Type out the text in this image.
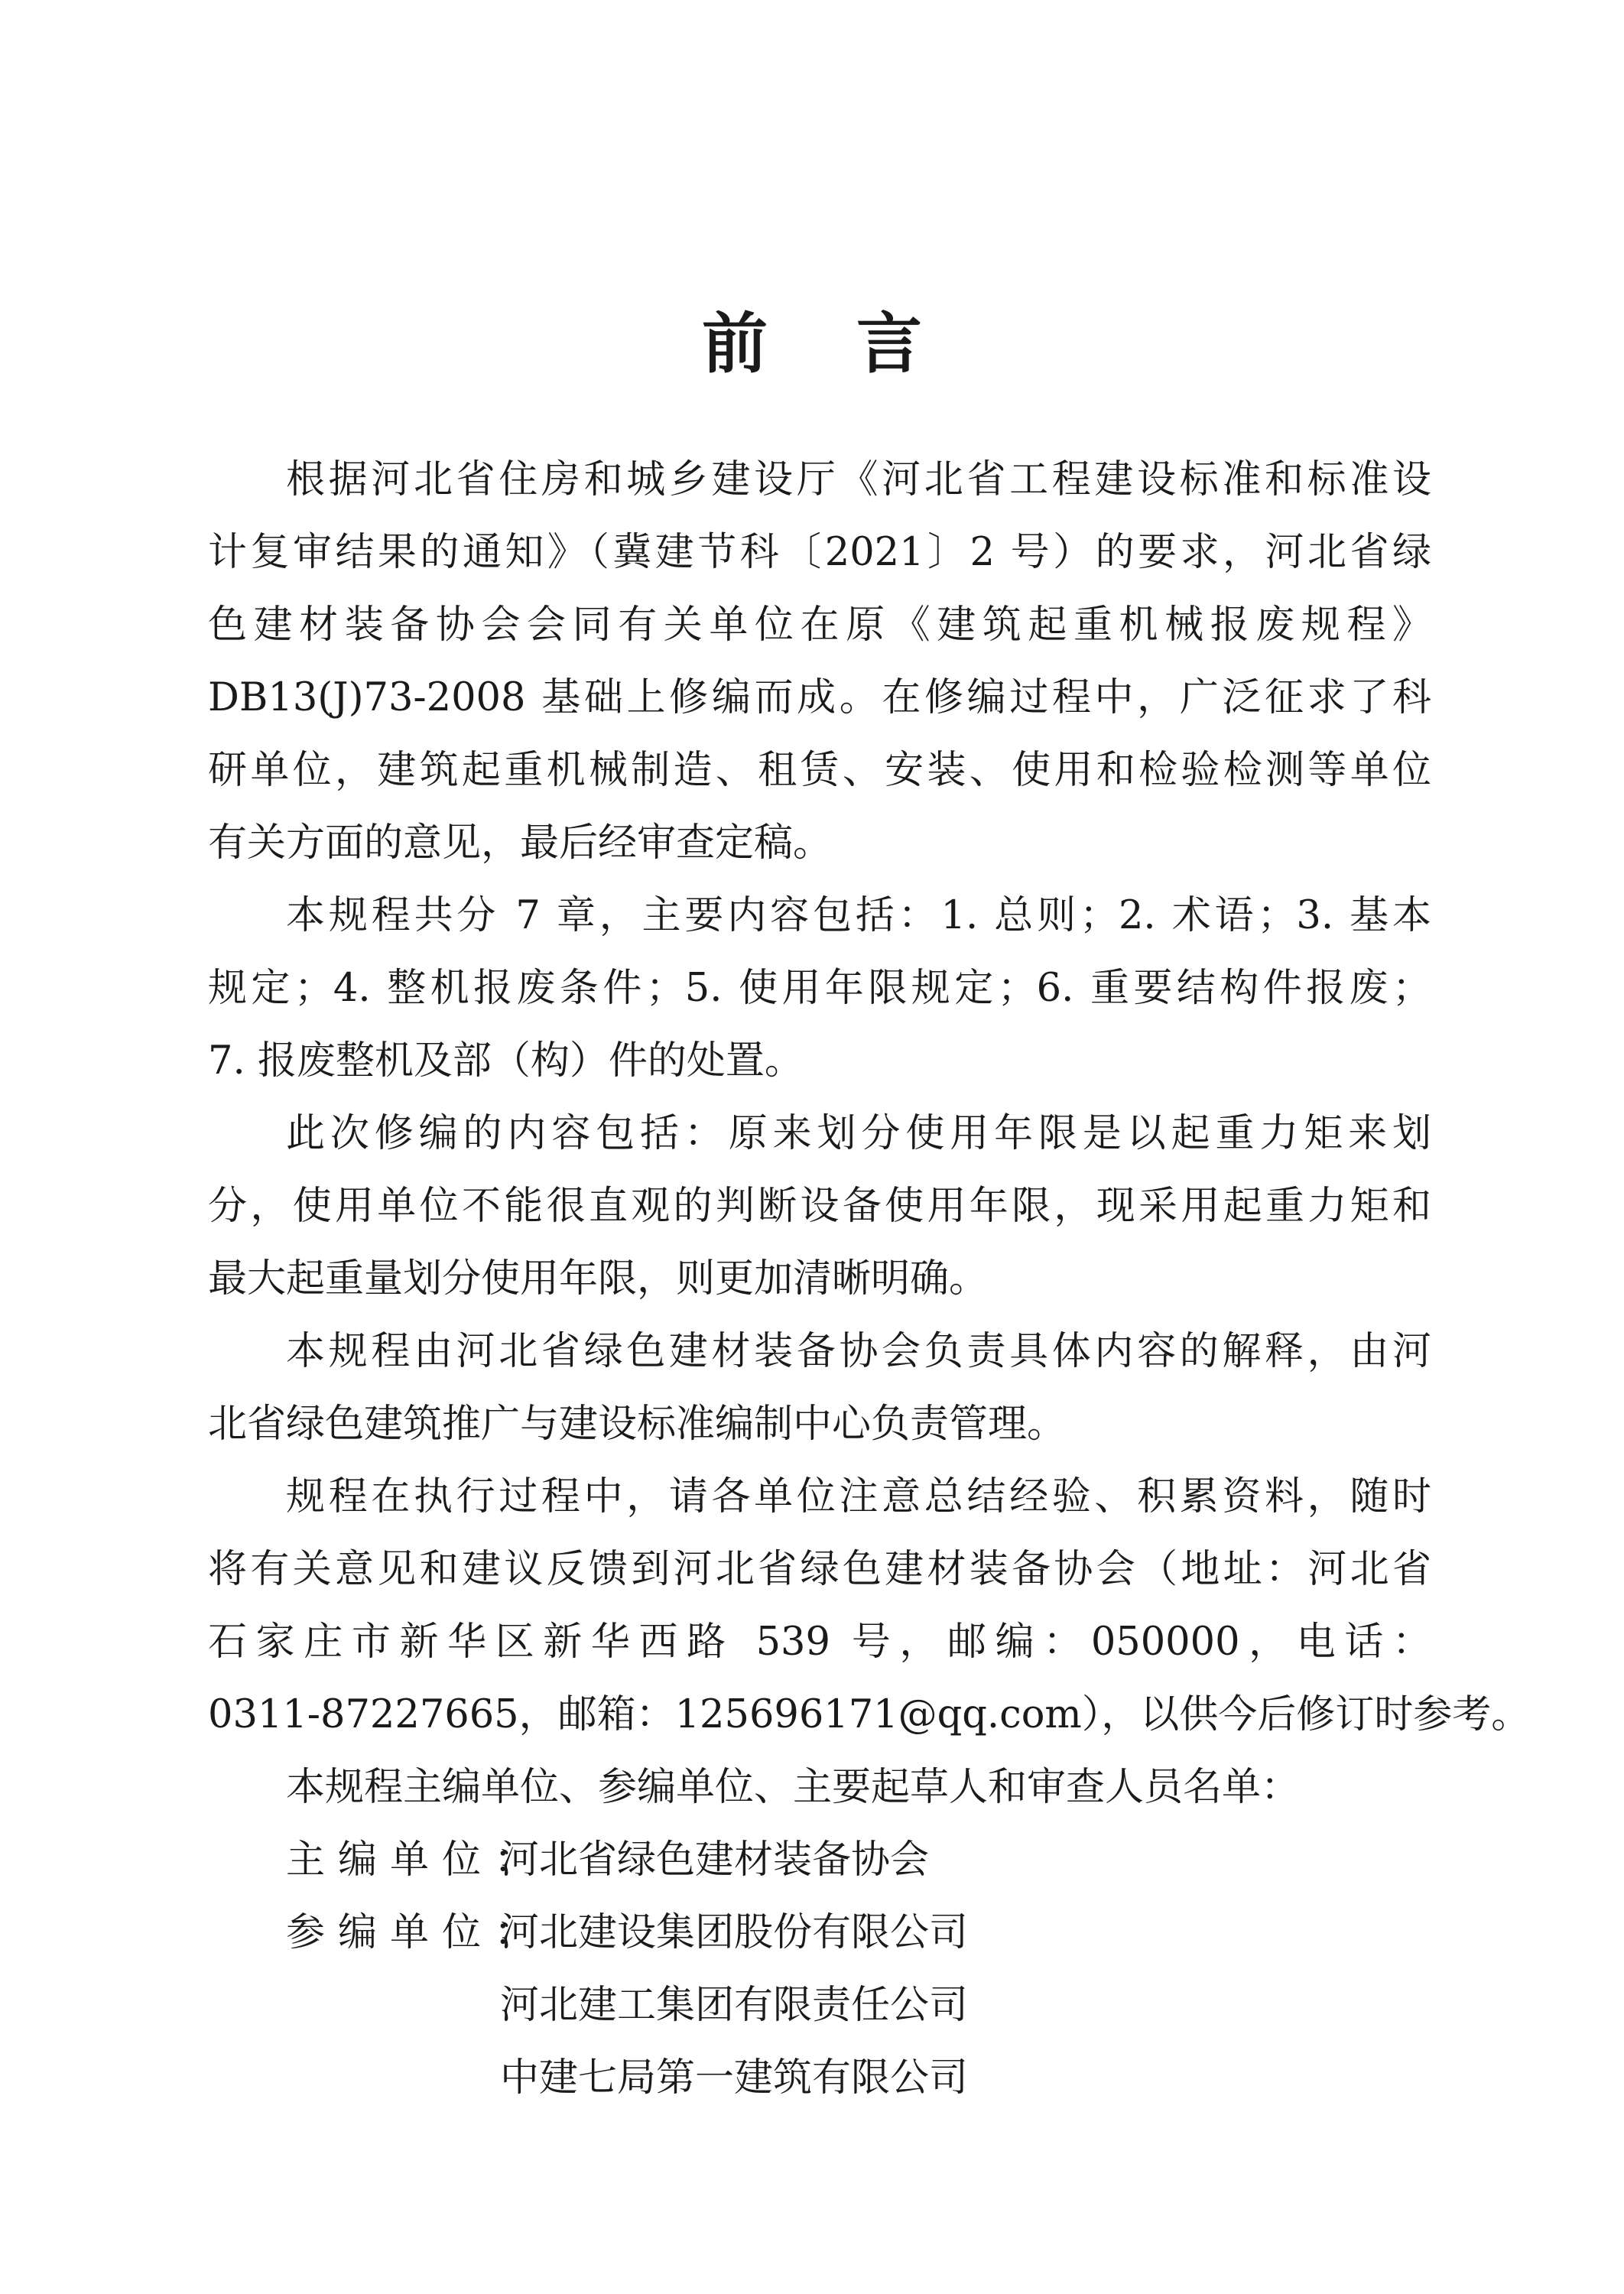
前言

根据河北省住房和城乡建设厅《河北省工程建设标准和标准设
计复审结果的通知》（冀建节科〔2021〕2 号）的要求，河北省绿
色建材装备协会会同有关单位在原《建筑起重机械报废规程》
DB13(J)73-2008 基础上修编而成。在修编过程中，广泛征求了科
研单位，建筑起重机械制造、租赁、安装、使用和检验检测等单位
有关方面的意见，最后经审查定稿。

本规程共分 7 章，主要内容包括：1. 总则；2. 术语；3. 基本
规定；4. 整机报废条件；5. 使用年限规定；6. 重要结构件报废；
7. 报废整机及部（构）件的处置。

此次修编的内容包括：原来划分使用年限是以起重力矩来划
分，使用单位不能很直观的判断设备使用年限，现采用起重力矩和
最大起重量划分使用年限，则更加清晰明确。

本规程由河北省绿色建材装备协会负责具体内容的解释，由河
北省绿色建筑推广与建设标准编制中心负责管理。

规程在执行过程中，请各单位注意总结经验、积累资料，随时
将有关意见和建议反馈到河北省绿色建材装备协会（地址：河北省
石家庄市新华区新华西路 539 号，邮编：050000，电话：
0311-87227665，邮箱：125696171@qq.com），以供今后修订时参考。

本规程主编单位、参编单位、主要起草人和审查人员名单：

主编单位：
河北省绿色建材装备协会
参编单位：
河北建设集团股份有限公司
河北建工集团有限责任公司
中建七局第一建筑有限公司
